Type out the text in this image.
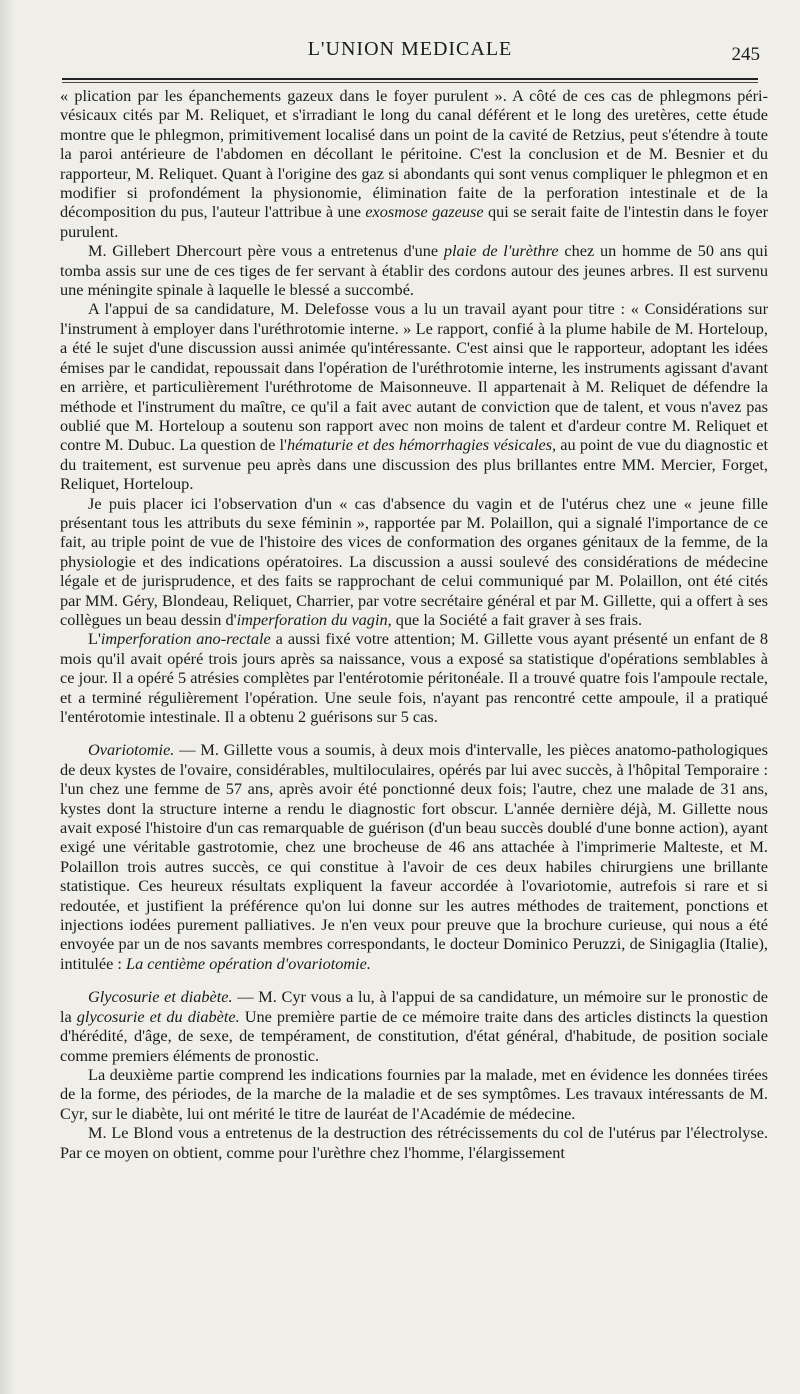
L'UNION MEDICALE	245

« plication par les épanchements gazeux dans le foyer purulent ». A côté de ces cas de phlegmons péri-vésicaux cités par M. Reliquet, et s'irradiant le long du canal déférent et le long des uretères, cette étude montre que le phlegmon, primitivement localisé dans un point de la cavité de Retzius, peut s'étendre à toute la paroi antérieure de l'abdomen en décollant le péritoine. C'est la conclusion et de M. Besnier et du rapporteur, M. Reliquet. Quant à l'origine des gaz si abondants qui sont venus compliquer le phlegmon et en modifier si profondément la physionomie, élimination faite de la perforation intestinale et de la décomposition du pus, l'auteur l'attribue à une exosmose gazeuse qui se serait faite de l'intestin dans le foyer purulent.

M. Gillebert Dhercourt père vous a entretenus d'une plaie de l'urèthre chez un homme de 50 ans qui tomba assis sur une de ces tiges de fer servant à établir des cordons autour des jeunes arbres. Il est survenu une méningite spinale à laquelle le blessé a succombé.

A l'appui de sa candidature, M. Delefosse vous a lu un travail ayant pour titre : « Considérations sur l'instrument à employer dans l'uréthrotomie interne. » Le rapport, confié à la plume habile de M. Horteloup, a été le sujet d'une discussion aussi animée qu'intéressante. C'est ainsi que le rapporteur, adoptant les idées émises par le candidat, repoussait dans l'opération de l'uréthrotomie interne, les instruments agissant d'avant en arrière, et particulièrement l'uréthrotome de Maisonneuve. Il appartenait à M. Reliquet de défendre la méthode et l'instrument du maître, ce qu'il a fait avec autant de conviction que de talent, et vous n'avez pas oublié que M. Horteloup a soutenu son rapport avec non moins de talent et d'ardeur contre M. Reliquet et contre M. Dubuc. La question de l'hématurie et des hémorrhagies vésicales, au point de vue du diagnostic et du traitement, est survenue peu après dans une discussion des plus brillantes entre MM. Mercier, Forget, Reliquet, Horteloup.

Je puis placer ici l'observation d'un « cas d'absence du vagin et de l'utérus chez une « jeune fille présentant tous les attributs du sexe féminin », rapportée par M. Polaillon, qui a signalé l'importance de ce fait, au triple point de vue de l'histoire des vices de conformation des organes génitaux de la femme, de la physiologie et des indications opératoires. La discussion a aussi soulevé des considérations de médecine légale et de jurisprudence, et des faits se rapprochant de celui communiqué par M. Polaillon, ont été cités par MM. Géry, Blondeau, Reliquet, Charrier, par votre secrétaire général et par M. Gillette, qui a offert à ses collègues un beau dessin d'imperforation du vagin, que la Société a fait graver à ses frais.

L'imperforation ano-rectale a aussi fixé votre attention; M. Gillette vous ayant présenté un enfant de 8 mois qu'il avait opéré trois jours après sa naissance, vous a exposé sa statistique d'opérations semblables à ce jour. Il a opéré 5 atrésies complètes par l'entérotomie péritonéale. Il a trouvé quatre fois l'ampoule rectale, et a terminé régulièrement l'opération. Une seule fois, n'ayant pas rencontré cette ampoule, il a pratiqué l'entérotomie intestinale. Il a obtenu 2 guérisons sur 5 cas.

Ovariotomie. — M. Gillette vous a soumis, à deux mois d'intervalle, les pièces anatomo-pathologiques de deux kystes de l'ovaire, considérables, multiloculaires, opérés par lui avec succès, à l'hôpital Temporaire : l'un chez une femme de 57 ans, après avoir été ponctionné deux fois; l'autre, chez une malade de 31 ans, kystes dont la structure interne a rendu le diagnostic fort obscur. L'année dernière déjà, M. Gillette nous avait exposé l'histoire d'un cas remarquable de guérison (d'un beau succès doublé d'une bonne action), ayant exigé une véritable gastrotomie, chez une brocheuse de 46 ans attachée à l'imprimerie Malteste, et M. Polaillon trois autres succès, ce qui constitue à l'avoir de ces deux habiles chirurgiens une brillante statistique. Ces heureux résultats expliquent la faveur accordée à l'ovariotomie, autrefois si rare et si redoutée, et justifient la préférence qu'on lui donne sur les autres méthodes de traitement, ponctions et injections iodées purement palliatives. Je n'en veux pour preuve que la brochure curieuse, qui nous a été envoyée par un de nos savants membres correspondants, le docteur Dominico Peruzzi, de Sinigaglia (Italie), intitulée : La centième opération d'ovariotomie.

Glycosurie et diabète. — M. Cyr vous a lu, à l'appui de sa candidature, un mémoire sur le pronostic de la glycosurie et du diabète. Une première partie de ce mémoire traite dans des articles distincts la question d'hérédité, d'âge, de sexe, de tempérament, de constitution, d'état général, d'habitude, de position sociale comme premiers éléments de pronostic.

La deuxième partie comprend les indications fournies par la malade, met en évidence les données tirées de la forme, des périodes, de la marche de la maladie et de ses symptômes. Les travaux intéressants de M. Cyr, sur le diabète, lui ont mérité le titre de lauréat de l'Académie de médecine.

M. Le Blond vous a entretenus de la destruction des rétrécissements du col de l'utérus par l'électrolyse. Par ce moyen on obtient, comme pour l'urèthre chez l'homme, l'élargissement
